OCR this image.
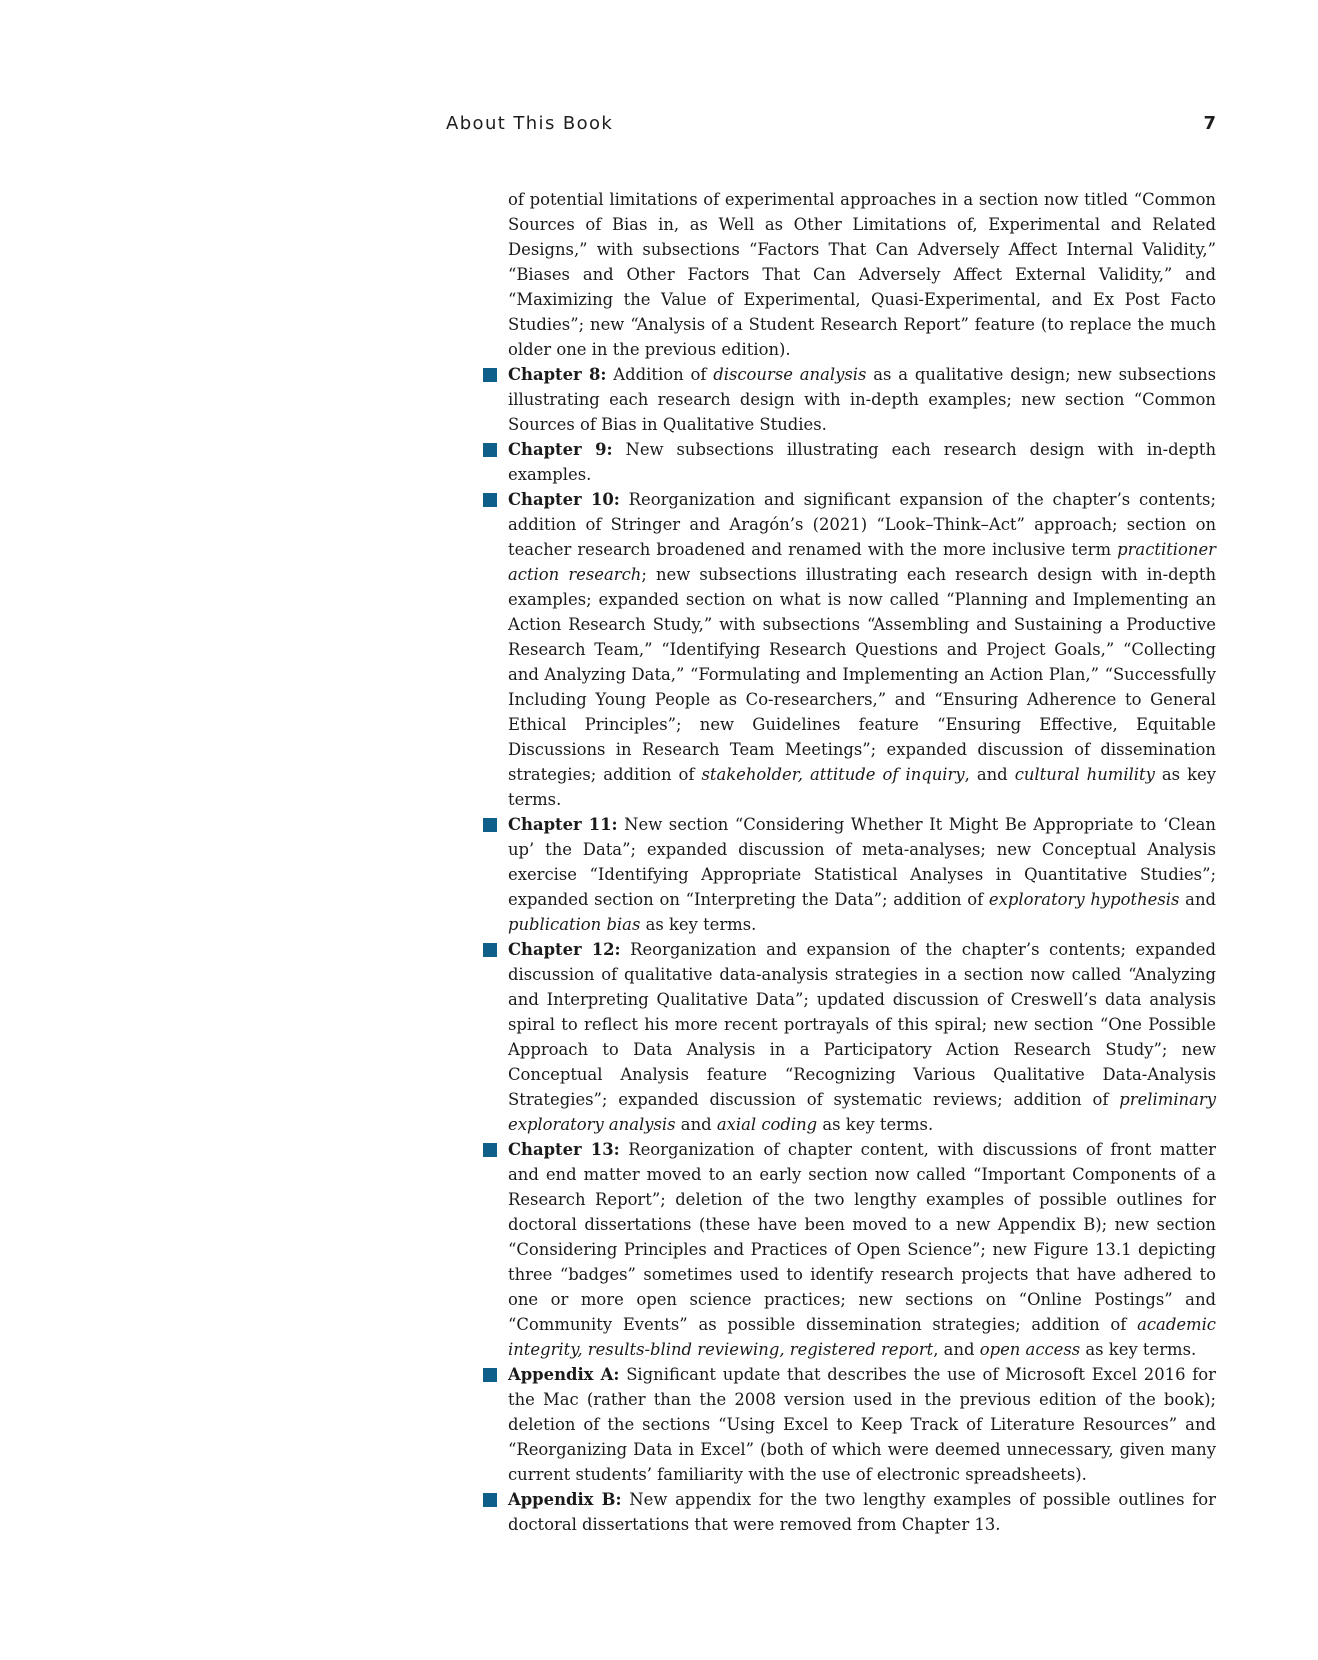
About This Book	7

of potential limitations of experimental approaches in a section now titled “Common Sources of Bias in, as Well as Other Limitations of, Experimental and Related Designs,” with subsections “Factors That Can Adversely Affect Internal Validity,” “Biases and Other Factors That Can Adversely Affect External Validity,” and “Maximizing the Value of Experimental, Quasi-Experimental, and Ex Post Facto Studies”; new “Analysis of a Student Research Report” feature (to replace the much older one in the previous edition).

Chapter 8: Addition of discourse analysis as a qualitative design; new subsections illustrating each research design with in-depth examples; new section “Common Sources of Bias in Qualitative Studies.
Chapter 9: New subsections illustrating each research design with in-depth examples.
Chapter 10: Reorganization and significant expansion of the chapter’s contents; addition of Stringer and Aragón’s (2021) “Look–Think–Act” approach; section on teacher research broadened and renamed with the more inclusive term practitioner action research; new subsections illustrating each research design with in-depth examples; expanded section on what is now called “Planning and Implementing an Action Research Study,” with subsections “Assembling and Sustaining a Productive Research Team,” “Identifying Research Questions and Project Goals,” “Collecting and Analyzing Data,” “Formulating and Implementing an Action Plan,” “Successfully Including Young People as Co-researchers,” and “Ensuring Adherence to General Ethical Principles”; new Guidelines feature “Ensuring Effective, Equitable Discussions in Research Team Meetings”; expanded discussion of dissemination strategies; addition of stakeholder, attitude of inquiry, and cultural humility as key terms.
Chapter 11: New section “Considering Whether It Might Be Appropriate to ‘Clean up’ the Data”; expanded discussion of meta-analyses; new Conceptual Analysis exercise “Identifying Appropriate Statistical Analyses in Quantitative Studies”; expanded section on “Interpreting the Data”; addition of exploratory hypothesis and publication bias as key terms.
Chapter 12: Reorganization and expansion of the chapter’s contents; expanded discussion of qualitative data-analysis strategies in a section now called “Analyzing and Interpreting Qualitative Data”; updated discussion of Creswell’s data analysis spiral to reflect his more recent portrayals of this spiral; new section “One Possible Approach to Data Analysis in a Participatory Action Research Study”; new Conceptual Analysis feature “Recognizing Various Qualitative Data-Analysis Strategies”; expanded discussion of systematic reviews; addition of preliminary exploratory analysis and axial coding as key terms.
Chapter 13: Reorganization of chapter content, with discussions of front matter and end matter moved to an early section now called “Important Components of a Research Report”; deletion of the two lengthy examples of possible outlines for doctoral dissertations (these have been moved to a new Appendix B); new section “Considering Principles and Practices of Open Science”; new Figure 13.1 depicting three “badges” sometimes used to identify research projects that have adhered to one or more open science practices; new sections on “Online Postings” and “Community Events” as possible dissemination strategies; addition of academic integrity, results-blind reviewing, registered report, and open access as key terms.
Appendix A: Significant update that describes the use of Microsoft Excel 2016 for the Mac (rather than the 2008 version used in the previous edition of the book); deletion of the sections “Using Excel to Keep Track of Literature Resources” and “Reorganizing Data in Excel” (both of which were deemed unnecessary, given many current students’ familiarity with the use of electronic spreadsheets).
Appendix B: New appendix for the two lengthy examples of possible outlines for doctoral dissertations that were removed from Chapter 13.
